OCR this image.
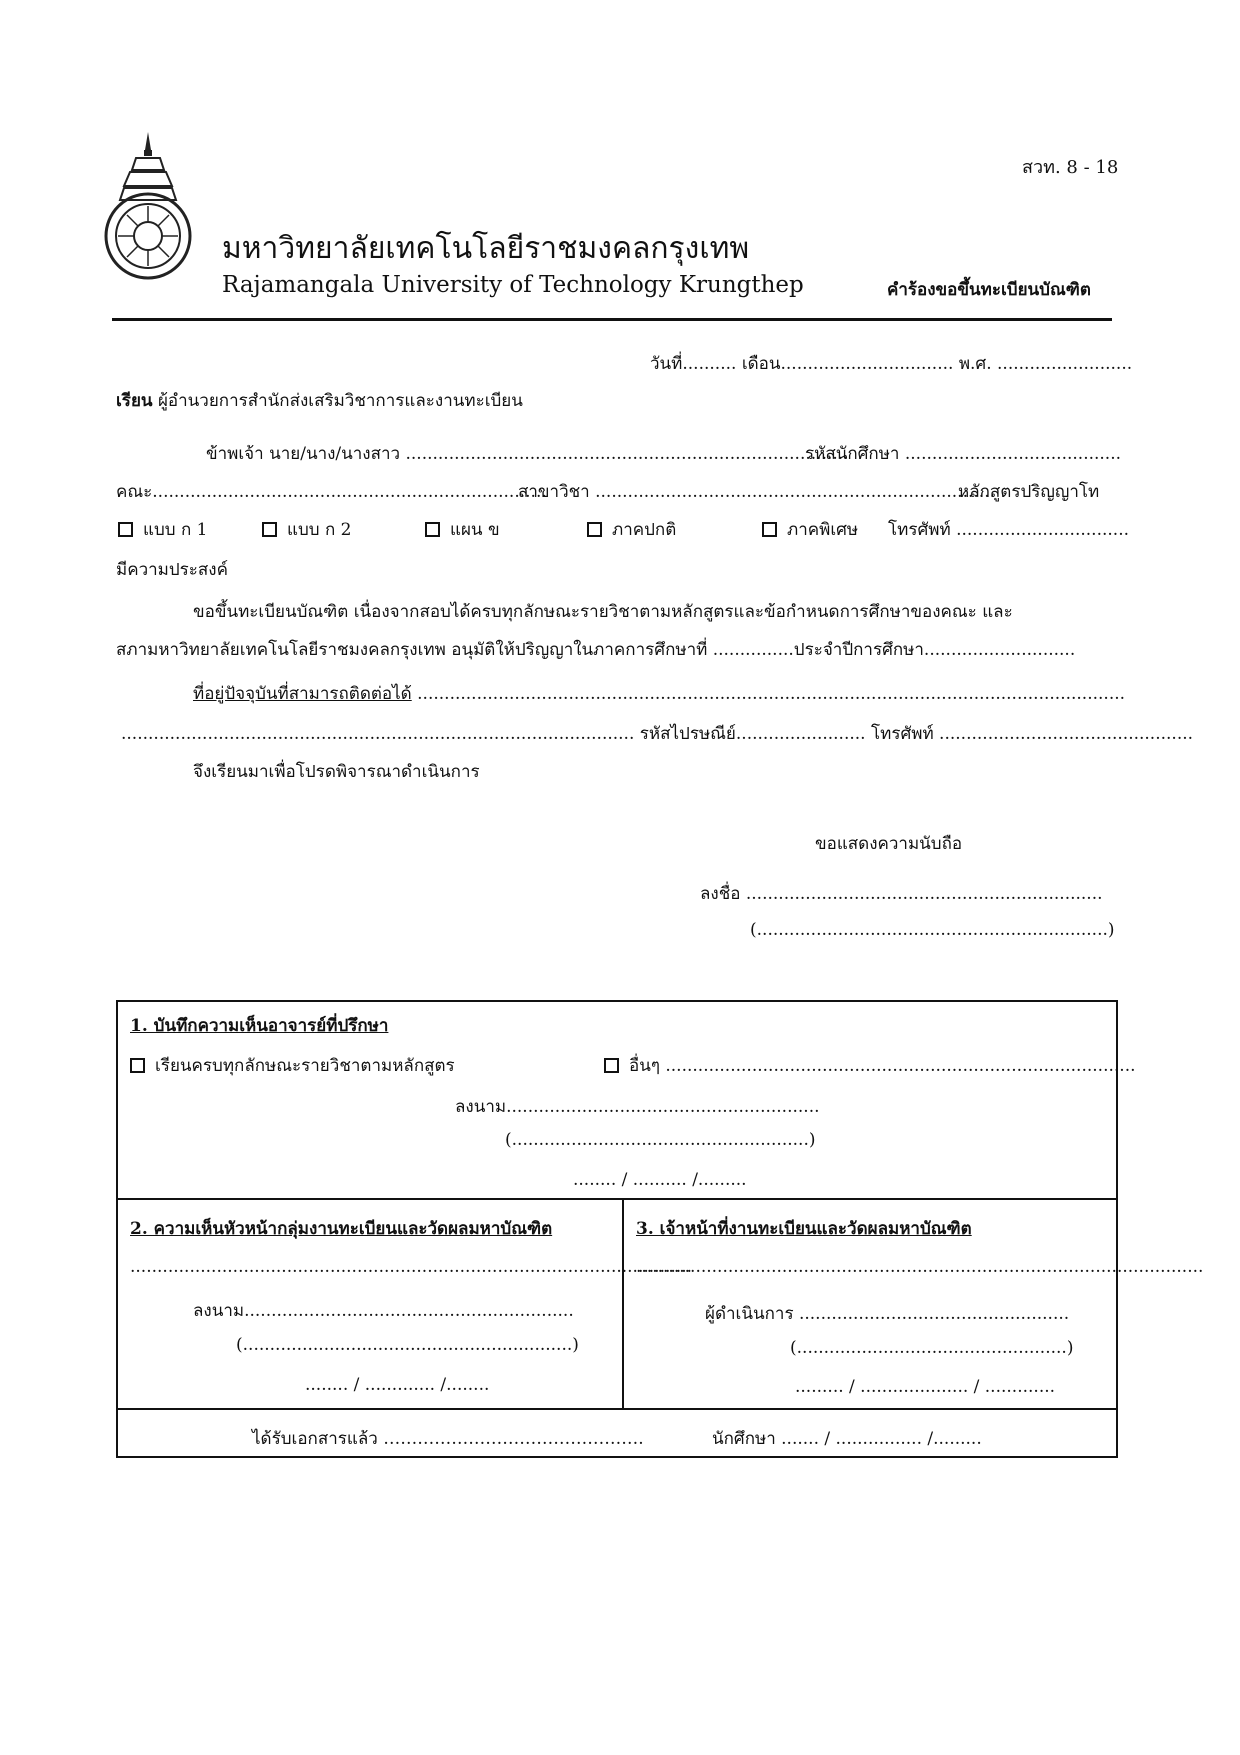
สวท. 8 - 18
มหาวิทยาลัยเทคโนโลยีราชมงคลกรุงเทพ
Rajamangala University of Technology Krungthep	คำร้องขอขึ้นทะเบียนบัณฑิต
วันที่.......... เดือน................................ พ.ศ. .........................
เรียน ผู้อำนวยการสำนักส่งเสริมวิชาการและงานทะเบียน
ข้าพเจ้า นาย/นาง/นางสาว ..................................................................................
รหัสนักศึกษา ........................................
คณะ.........................................................................
สาขาวิชา ..........................................................................
หลักสูตรปริญญาโท
แบบ ก 1	แบบ ก 2	แผน ข	ภาคปกติ	ภาคพิเศษ โทรศัพท์ ................................
มีความประสงค์
ขอขึ้นทะเบียนบัณฑิต เนื่องจากสอบได้ครบทุกลักษณะรายวิชาตามหลักสูตรและข้อกำหนดการศึกษาของคณะ และ
สภามหาวิทยาลัยเทคโนโลยีราชมงคลกรุงเทพ อนุมัติให้ปริญญาในภาคการศึกษาที่ ...............ประจำปีการศึกษา............................
ที่อยู่ปัจจุบันที่สามารถติดต่อได้ ...................................................................................................................................
............................................................................................... รหัสไปรษณีย์........................ โทรศัพท์ ...............................................
จึงเรียนมาเพื่อโปรดพิจารณาดำเนินการ
ขอแสดงความนับถือ
ลงชื่อ ..................................................................
(.................................................................)
1. บันทึกความเห็นอาจารย์ที่ปรึกษา
เรียนครบทุกลักษณะรายวิชาตามหลักสูตร	อื่นๆ .......................................................................................
ลงนาม..........................................................
(.......................................................)
........ / .......... /.........
2. ความเห็นหัวหน้ากลุ่มงานทะเบียนและวัดผลมหาบัณฑิต
........................................................................................................
ลงนาม.............................................................
(.............................................................)
........ / ............. /........
3. เจ้าหน้าที่งานทะเบียนและวัดผลมหาบัณฑิต
.........................................................................................................
ผู้ดำเนินการ ..................................................
(..................................................)
......... / .................... / .............
ได้รับเอกสารแล้ว ……………………………………….	นักศึกษา ....... / ................ /.........
